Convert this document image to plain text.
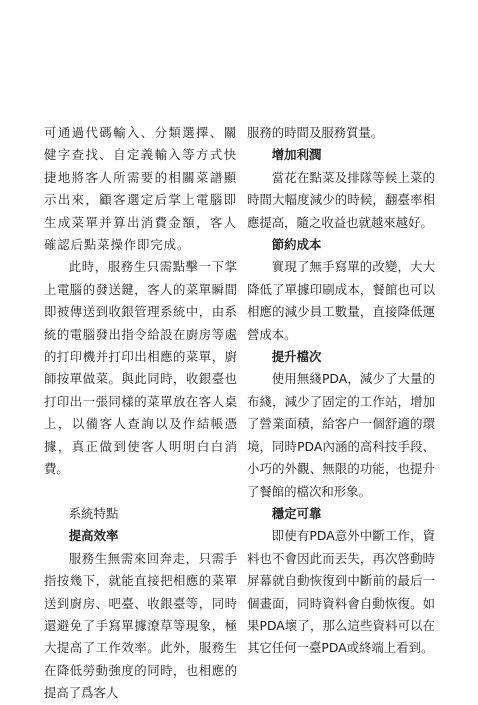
可通過代碼輸入、分類選擇、關健字查找、自定義輸入等方式快捷地將客人所需要的相關菜譜顯示出來，顧客選定后掌上電腦即生成菜單并算出消費金額，客人確認后點菜操作即完成。

此時，服務生只需點擊一下掌上電腦的發送鍵，客人的菜單瞬間即被傳送到收銀管理系統中，由系統的電腦發出指令給設在廚房等處的打印機并打印出相應的菜單，廚師按單做菜。與此同時，收銀臺也打印出一張同樣的菜單放在客人桌上，以備客人查詢以及作結帳憑據，真正做到使客人明明白白消費。

系統特點

提高效率

服務生無需來回奔走，只需手指按幾下，就能直接把相應的菜單送到廚房、吧臺、收銀臺等，同時還避免了手寫單據潦草等現象，極大提高了工作效率。此外，服務生在降低勞動強度的同時，也相應的提高了爲客人

服務的時間及服務質量。

增加利潤

當花在點菜及排隊等候上菜的時間大幅度減少的時候，翻臺率相應提高，隨之收益也就越來越好。

節約成本

實現了無手寫單的改變，大大降低了單據印刷成本，餐館也可以相應的減少員工數量，直接降低運營成本。

提升檔次

使用無綫PDA，減少了大量的布綫，減少了固定的工作站，增加了營業面積，給客户一個舒適的環境，同時PDA內涵的高科技手段、小巧的外觀、無限的功能，也提升了餐館的檔次和形象。

穩定可靠

即使有PDA意外中斷工作，資料也不會因此而丟失，再次啓動時屏幕就自動恢復到中斷前的最后一個畫面，同時資料會自動恢復。如果PDA壞了，那么這些資料可以在其它任何一臺PDA或終端上看到。
